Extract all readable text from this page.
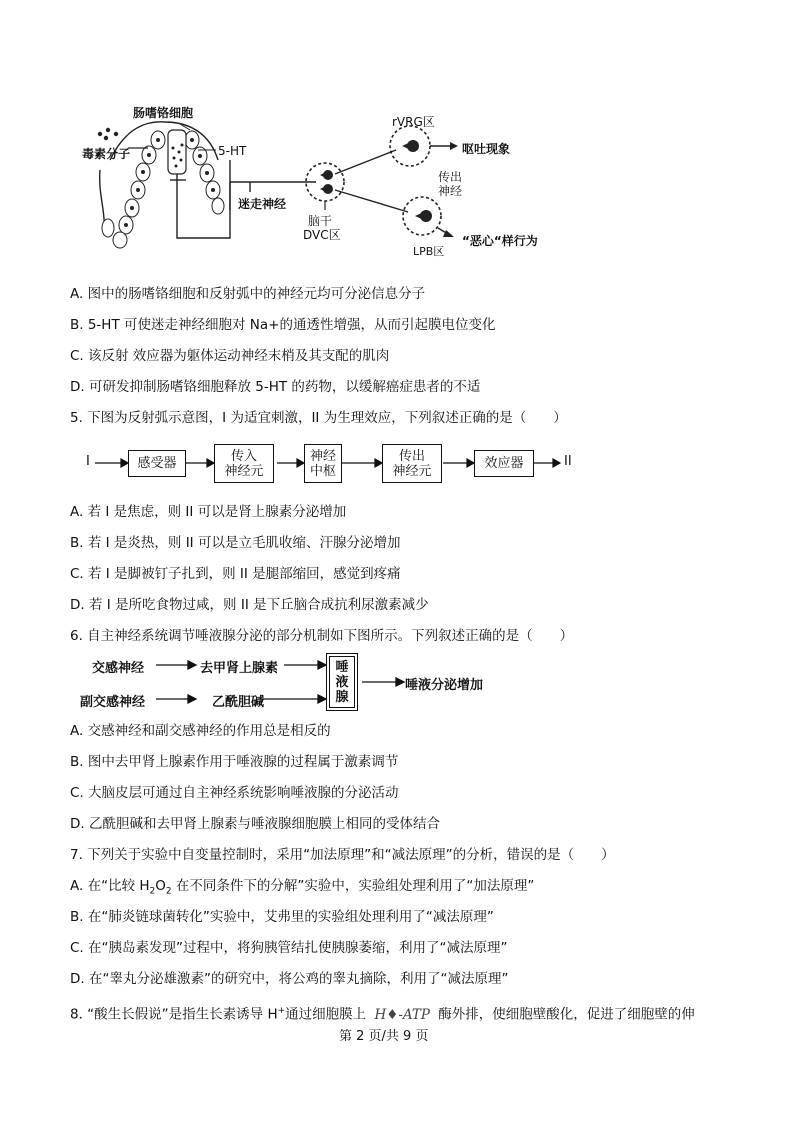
肠嗜铬细胞
毒素分子	5-HT
迷走神经
脑干
DVC区
rVRG区
呕吐现象
传出
神经
LPB区
“恶心“样行为
A. 图中的肠嗜铬细胞和反射弧中的神经元均可分泌信息分子
B. 5-HT 可使迷走神经细胞对 Na+的通透性增强，从而引起膜电位变化
C. 该反射 效应器为躯体运动神经末梢及其支配的肌肉
D. 可研发抑制肠嗜铬细胞释放 5-HT 的药物，以缓解癌症患者的不适
5. 下图为反射弧示意图，I 为适宜刺激，II 为生理效应，下列叙述正确的是（　　）
I	II
感受器	传入
神经元
神经
中枢
传出
神经元	效应器
A. 若 I 是焦虑，则 II 可以是肾上腺素分泌增加
B. 若 I 是炎热，则 II 可以是立毛肌收缩、汗腺分泌增加
C. 若 I 是脚被钉子扎到，则 II 是腿部缩回，感觉到疼痛
D. 若 I 是所吃食物过咸，则 II 是下丘脑合成抗利尿激素减少
6. 自主神经系统调节唾液腺分泌的部分机制如下图所示。下列叙述正确的是（　　）
交感神经	去甲肾上腺素
副交感神经	乙酰胆碱
唾
液
腺
唾液分泌增加
A. 交感神经和副交感神经的作用总是相反的
B. 图中去甲肾上腺素作用于唾液腺的过程属于激素调节
C. 大脑皮层可通过自主神经系统影响唾液腺的分泌活动
D. 乙酰胆碱和去甲肾上腺素与唾液腺细胞膜上相同的受体结合
7. 下列关于实验中自变量控制时，采用“加法原理”和“减法原理”的分析，错误的是（　　）
A. 在“比较 $H_2O_2$ 在不同条件下的分解”实验中，实验组处理利用了“加法原理”
B. 在“肺炎链球菌转化”实验中，艾弗里的实验组处理利用了“减法原理”
C. 在“胰岛素发现”过程中，将狗胰管结扎使胰腺萎缩，利用了“减法原理”
D. 在“睾丸分泌雄激素”的研究中，将公鸡的睾丸摘除，利用了“减法原理”
8. “酸生长假说”是指生长素诱导 H+通过细胞膜上 H♦-ATP 酶外排，使细胞壁酸化，促进了细胞壁的伸
第 2 页/共 9 页
